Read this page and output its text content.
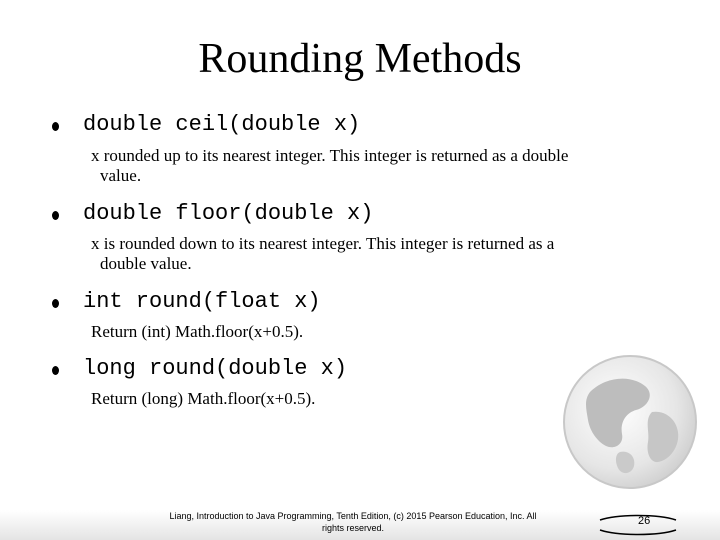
Rounding Methods
double ceil(double x)
x rounded up to its nearest integer. This integer is returned as a double
value.
double floor(double x)
x is rounded down to its nearest integer. This integer is returned as a
double value.
int round(float x)
Return (int) Math.floor(x+0.5).
long round(double x)
Return (long) Math.floor(x+0.5).
Liang, Introduction to Java Programming, Tenth Edition, (c) 2015 Pearson Education, Inc. All
rights reserved.
26
